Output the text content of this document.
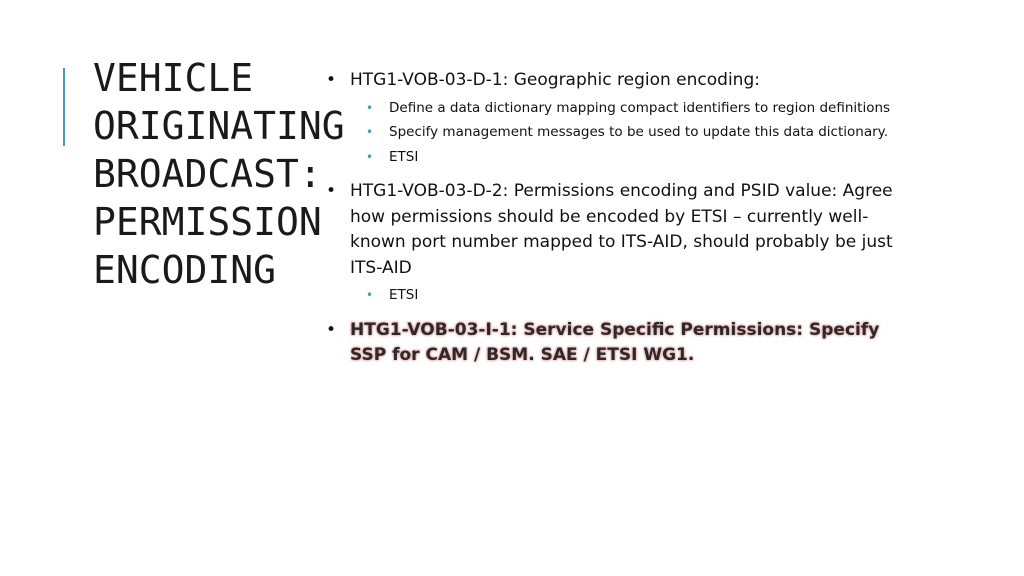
VEHICLE
ORIGINATING
BROADCAST:
PERMISSION
ENCODING
• HTG1-VOB-03-D-1: Geographic region encoding:
• Define a data dictionary mapping compact identifiers to region definitions
• Specify management messages to be used to update this data dictionary.
• ETSI
• HTG1-VOB-03-D-2: Permissions encoding and PSID value: Agree how permissions should be encoded by ETSI – currently well-known port number mapped to ITS-AID, should probably be just ITS-AID
• ETSI
• HTG1-VOB-03-I-1: Service Specific Permissions: Specify SSP for CAM / BSM. SAE / ETSI WG1.
